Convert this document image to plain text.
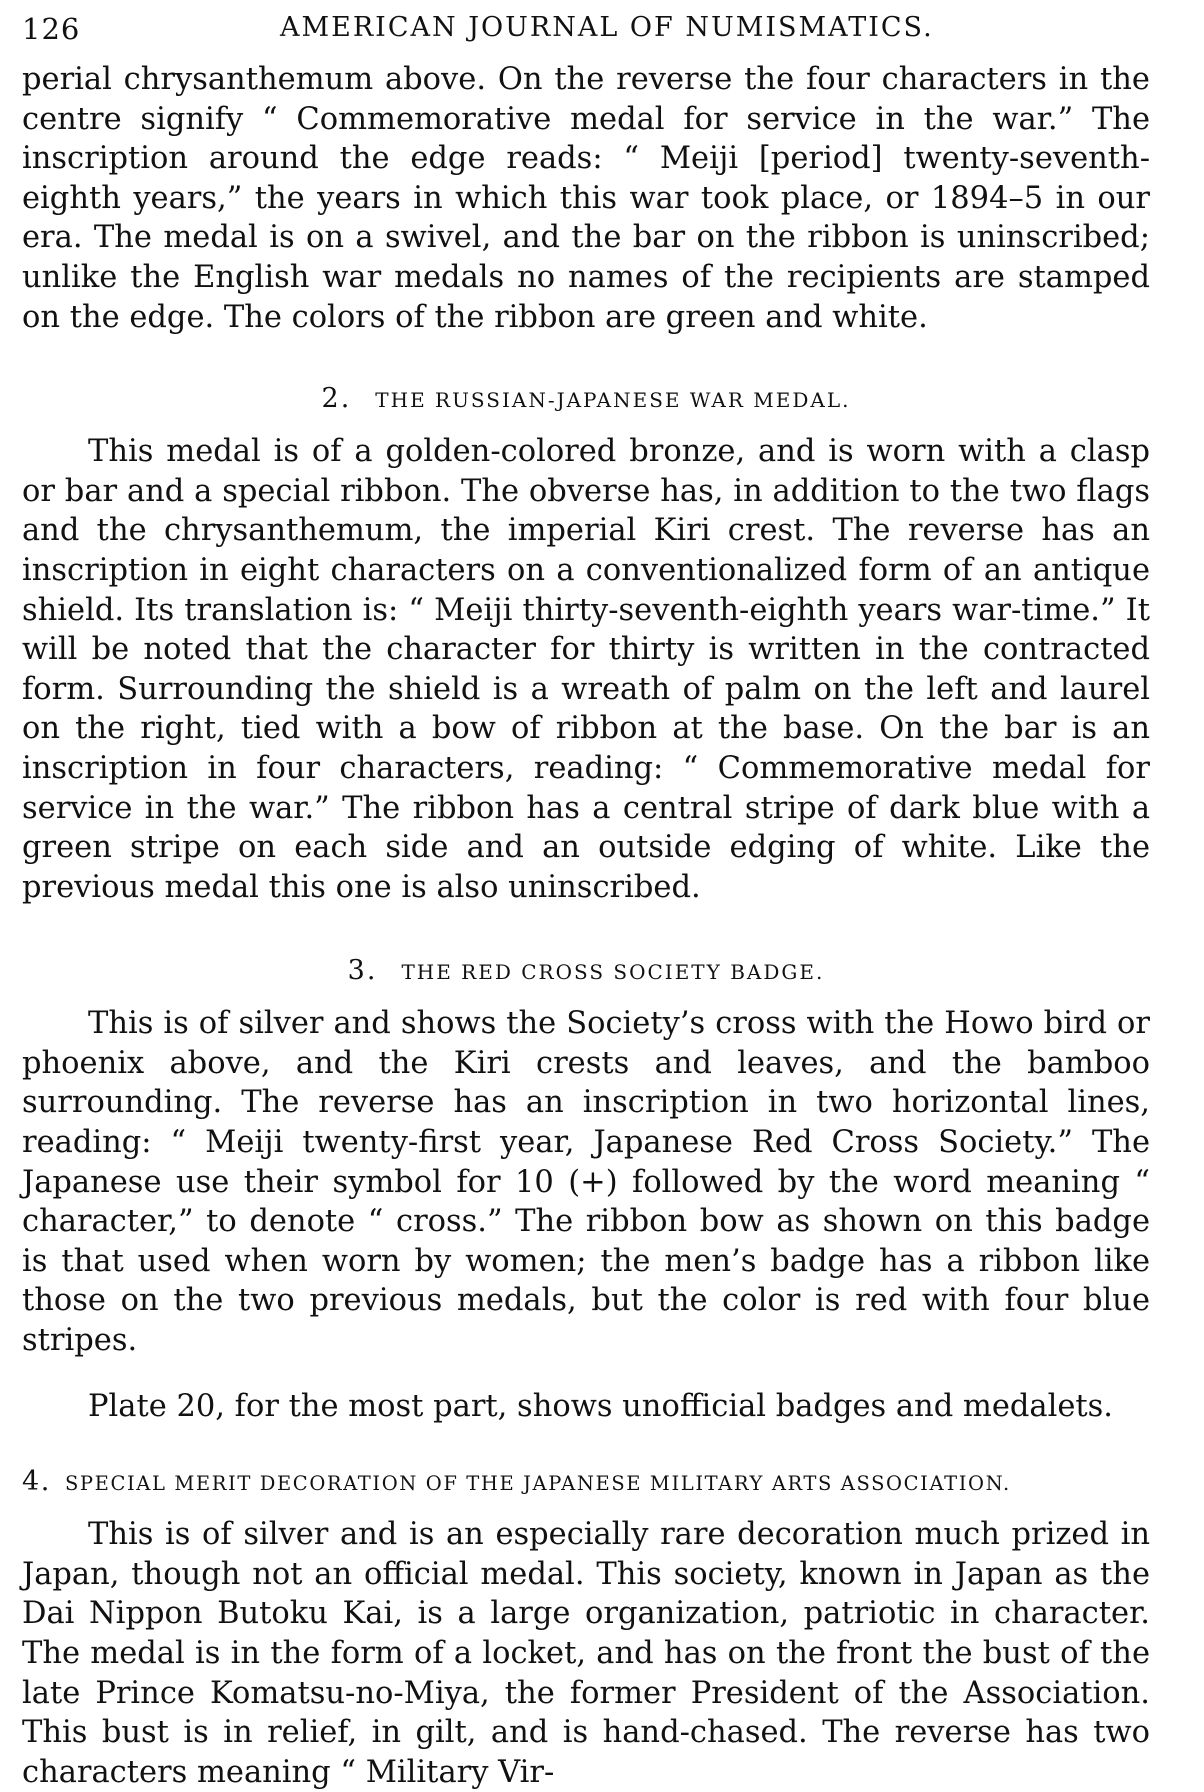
126	AMERICAN JOURNAL OF NUMISMATICS.

perial chrysanthemum above. On the reverse the four characters in the centre signify “ Commemorative medal for service in the war.” The inscription around the edge reads: “ Meiji [period] twenty-seventh-eighth years,” the years in which this war took place, or 1894–5 in our era. The medal is on a swivel, and the bar on the ribbon is uninscribed; unlike the English war medals no names of the recipients are stamped on the edge. The colors of the ribbon are green and white.

2. THE RUSSIAN-JAPANESE WAR MEDAL.

This medal is of a golden-colored bronze, and is worn with a clasp or bar and a special ribbon. The obverse has, in addition to the two flags and the chrysanthemum, the imperial Kiri crest. The reverse has an inscription in eight characters on a conventionalized form of an antique shield. Its translation is: “ Meiji thirty-seventh-eighth years war-time.” It will be noted that the character for thirty is written in the contracted form. Surrounding the shield is a wreath of palm on the left and laurel on the right, tied with a bow of ribbon at the base. On the bar is an inscription in four characters, reading: “ Commemorative medal for service in the war.” The ribbon has a central stripe of dark blue with a green stripe on each side and an outside edging of white. Like the previous medal this one is also uninscribed.

3. THE RED CROSS SOCIETY BADGE.

This is of silver and shows the Society’s cross with the Howo bird or phoenix above, and the Kiri crests and leaves, and the bamboo surrounding. The reverse has an inscription in two horizontal lines, reading: “ Meiji twenty-first year, Japanese Red Cross Society.” The Japanese use their symbol for 10 (+) followed by the word meaning “ character,” to denote “ cross.” The ribbon bow as shown on this badge is that used when worn by women; the men’s badge has a ribbon like those on the two previous medals, but the color is red with four blue stripes.

Plate 20, for the most part, shows unofficial badges and medalets.

4. SPECIAL MERIT DECORATION OF THE JAPANESE MILITARY ARTS ASSOCIATION.

This is of silver and is an especially rare decoration much prized in Japan, though not an official medal. This society, known in Japan as the Dai Nippon Butoku Kai, is a large organization, patriotic in character. The medal is in the form of a locket, and has on the front the bust of the late Prince Komatsu-no-Miya, the former President of the Association. This bust is in relief, in gilt, and is hand-chased. The reverse has two characters meaning “ Military Vir-
